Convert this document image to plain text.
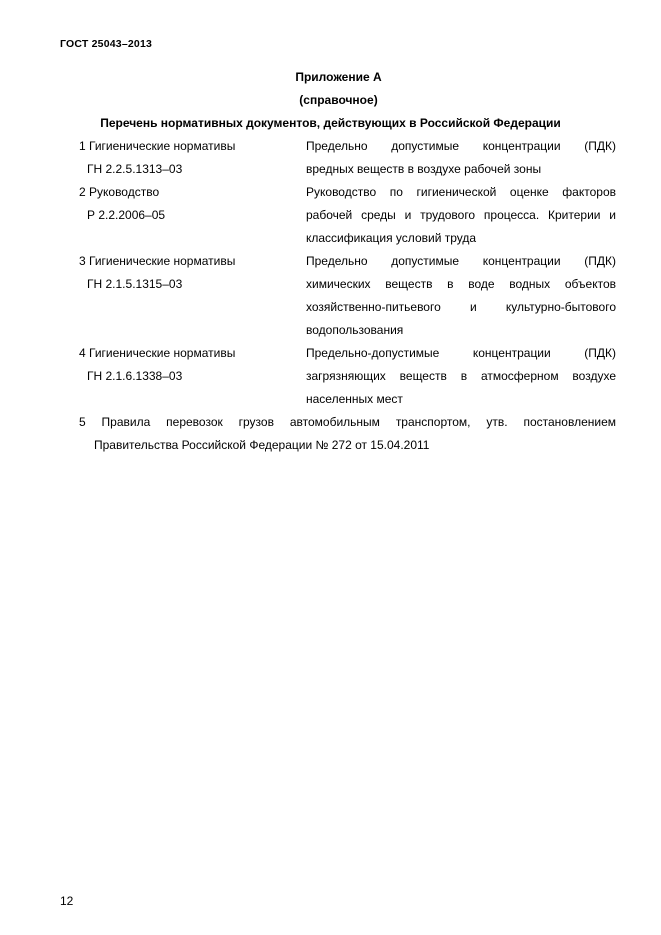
ГОСТ 25043–2013
Приложение А
(справочное)
Перечень нормативных документов, действующих в Российской Федерации
1 Гигиенические нормативы
ГН 2.2.5.1313–03
Предельно допустимые концентрации (ПДК)
вредных веществ в воздухе рабочей зоны
2 Руководство
Р 2.2.2006–05
Руководство по гигиенической оценке факторов
рабочей среды и трудового процесса. Критерии и
классификация условий труда
3 Гигиенические нормативы
ГН 2.1.5.1315–03
Предельно допустимые концентрации (ПДК)
химических веществ в воде водных объектов
хозяйственно-питьевого и культурно-бытового
водопользования
4 Гигиенические нормативы
ГН 2.1.6.1338–03
Предельно-допустимые концентрации (ПДК)
загрязняющих веществ в атмосферном воздухе
населенных мест
5 Правила перевозок грузов автомобильным транспортом, утв. постановлением
Правительства Российской Федерации № 272 от 15.04.2011
12
